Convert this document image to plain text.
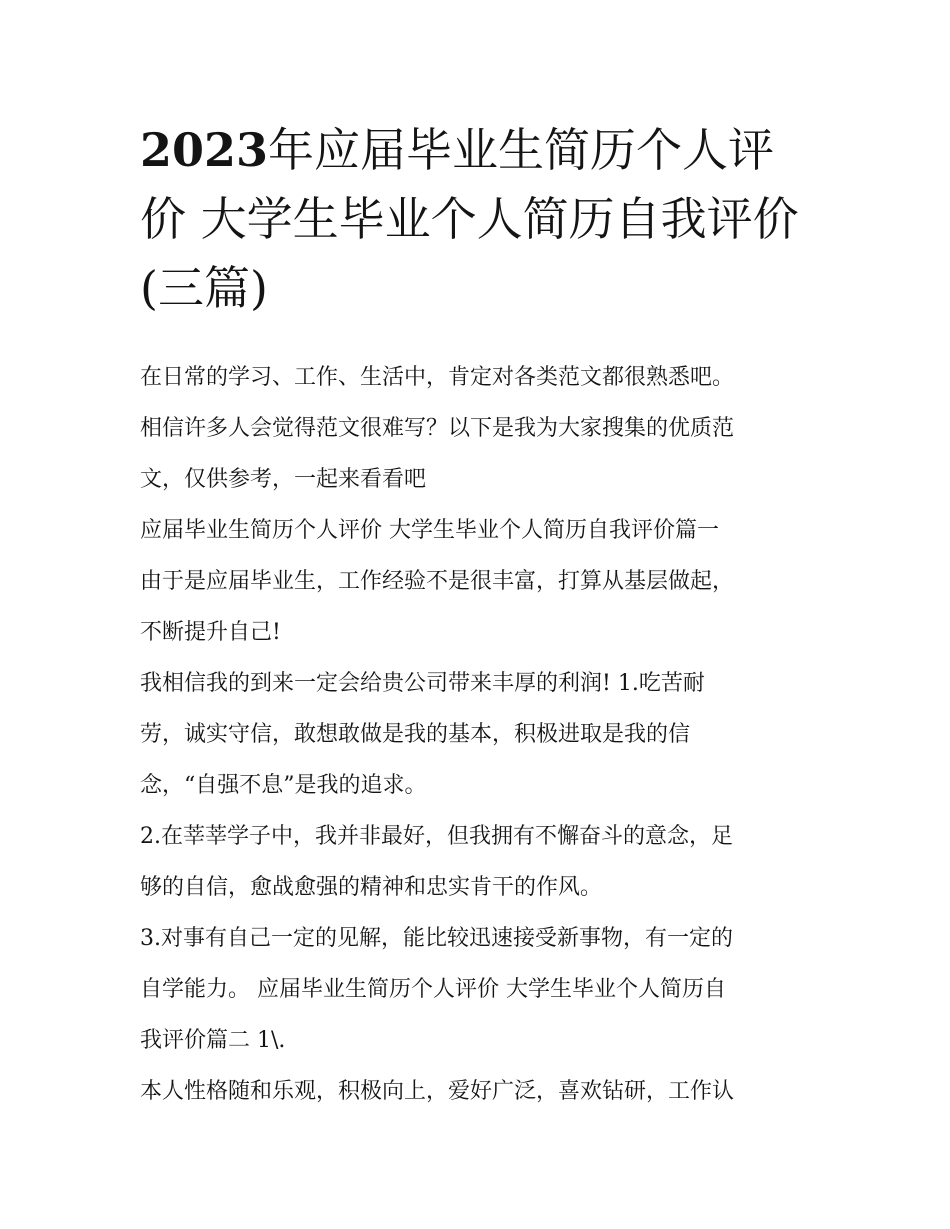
2023年应届毕业生简历个人评价 大学生毕业个人简历自我评价(三篇)
在日常的学习、工作、生活中，肯定对各类范文都很熟悉吧。
相信许多人会觉得范文很难写？以下是我为大家搜集的优质范
文，仅供参考，一起来看看吧
应届毕业生简历个人评价 大学生毕业个人简历自我评价篇一
由于是应届毕业生，工作经验不是很丰富，打算从基层做起，
不断提升自己!
我相信我的到来一定会给贵公司带来丰厚的利润! 1.吃苦耐
劳，诚实守信，敢想敢做是我的基本，积极进取是我的信
念，“自强不息”是我的追求。
2.在莘莘学子中，我并非最好，但我拥有不懈奋斗的意念，足
够的自信，愈战愈强的精神和忠实肯干的作风。
3.对事有自己一定的见解，能比较迅速接受新事物，有一定的
自学能力。 应届毕业生简历个人评价 大学生毕业个人简历自
我评价篇二 1\.
本人性格随和乐观，积极向上，爱好广泛，喜欢钻研，工作认
